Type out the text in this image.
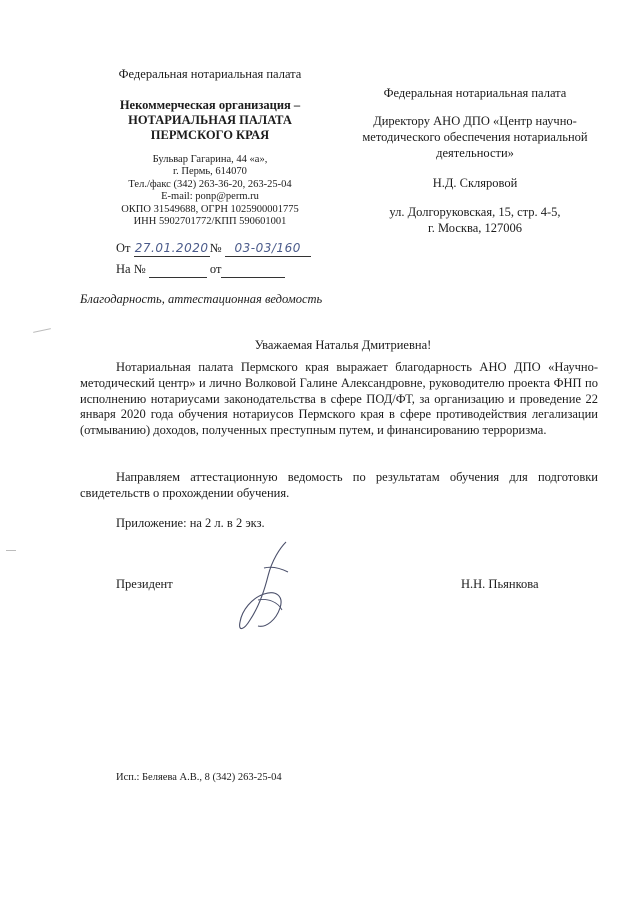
Федеральная нотариальная палата
Некоммерческая организация –
НОТАРИАЛЬНАЯ ПАЛАТА
ПЕРМСКОГО КРАЯ
Бульвар Гагарина, 44 «а»,
г. Пермь, 614070
Тел./факс (342) 263-36-20, 263-25-04
E-mail: ponp@perm.ru
ОКПО 31549688, ОГРН 1025900001775
ИНН 5902701772/КПП 590601001
От 27.01.2020№ 03-03/160
На №	от
Федеральная нотариальная палата
Директору АНО ДПО «Центр научно-
методического обеспечения нотариальной
деятельности»
Н.Д. Скляровой
ул. Долгоруковская, 15, стр. 4-5,
г. Москва, 127006
Благодарность, аттестационная ведомость
Уважаемая Наталья Дмитриевна!
Нотариальная палата Пермского края выражает благодарность АНО ДПО «Научно-методический центр» и лично Волковой Галине Александровне, руководителю проекта ФНП по исполнению нотариусами законодательства в сфере ПОД/ФТ, за организацию и проведение 22 января 2020 года обучения нотариусов Пермского края в сфере противодействия легализации (отмыванию) доходов, полученных преступным путем, и финансированию терроризма.
Направляем аттестационную ведомость по результатам обучения для подготовки свидетельств о прохождении обучения.
Приложение: на 2 л. в 2 экз.
Президент	Н.Н. Пьянкова
Исп.: Беляева А.В., 8 (342) 263-25-04
